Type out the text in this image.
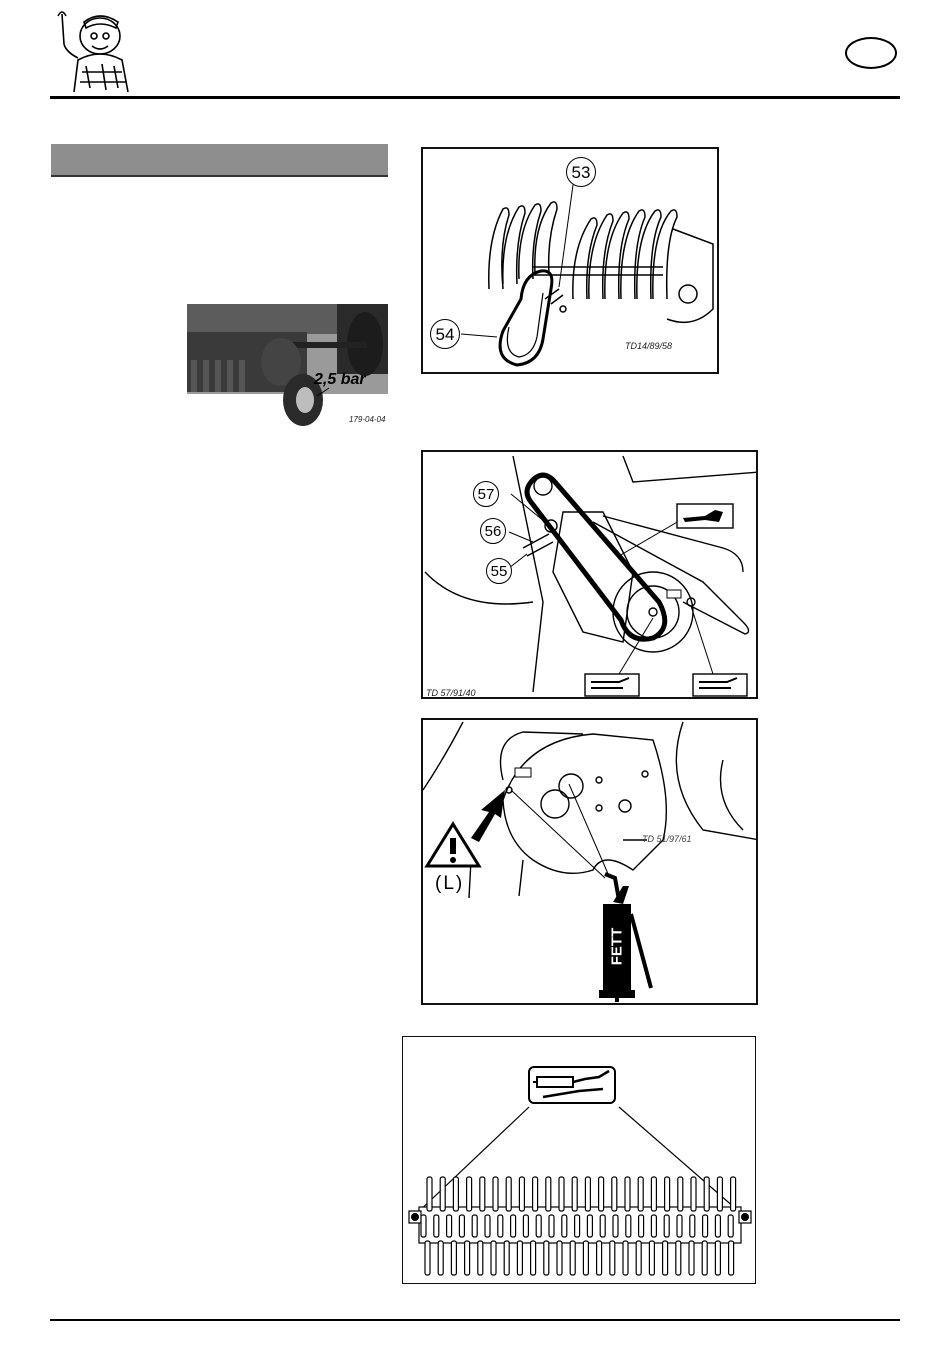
2,5 bar
179-04-04
53
54
TD14/89/58
57
56
55
TD 57/91/40
(L)
FETT
TD 51/97/61
